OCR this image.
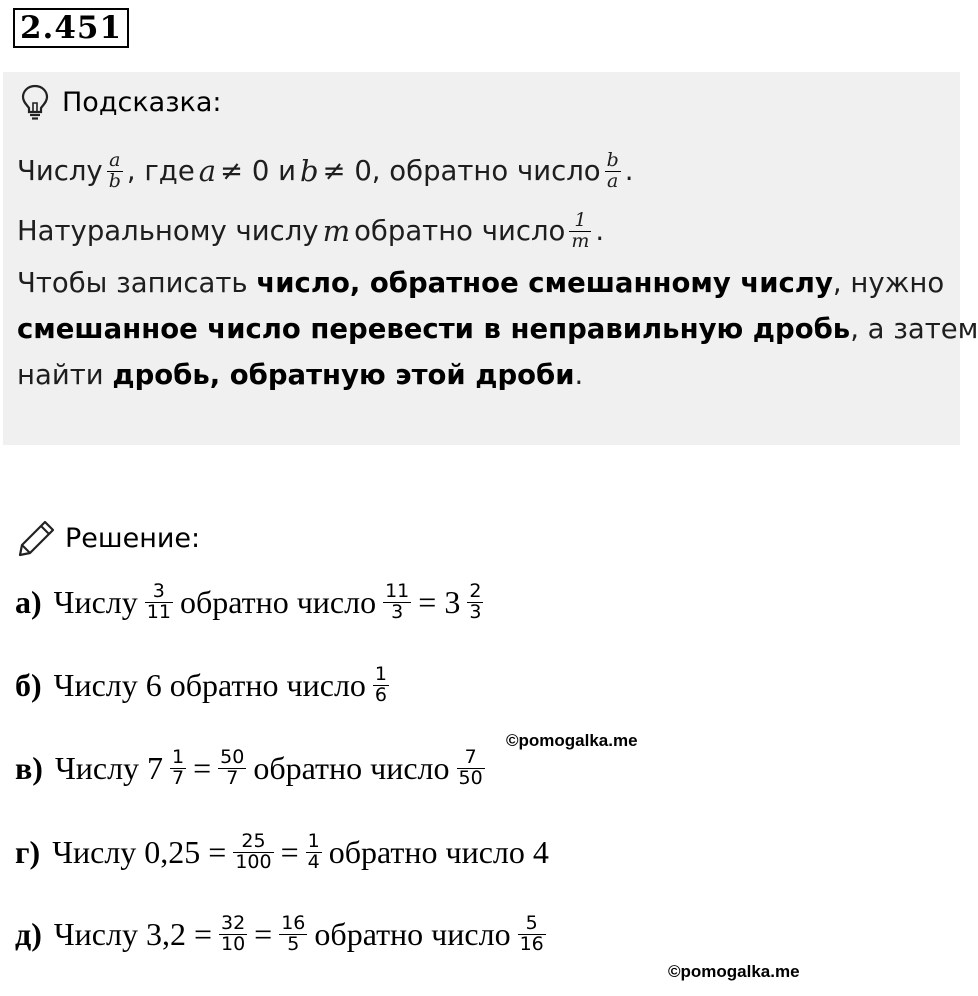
2.451
Подсказка:
Числу $\frac{a}{b}$ , где a ≠ 0 и b ≠ 0, обратно число $\frac{b}{a}$ .
Натуральному числу m обратно число $\frac{1}{m}$ .
Чтобы записать
число, обратное смешанному числу , нужно
смешанное число перевести в неправильную дробь , а затем
найти
дробь, обратную этой дроби .
Решение:
а) Числу $\frac{3}{11}$ обратно число $\frac{11}{3} = 3 \frac{2}{3}$
б) Числу 6 обратно число $\frac{1}{6}$
©pomogalka.me
в) Числу $7 \frac{1}{7} = \frac{50}{7}$ обратно число $\frac{7}{50}$
г) Числу $0,25 = \frac{25}{100} = \frac{1}{4}$ обратно число 4
д) Числу $3,2 = \frac{32}{10} = \frac{16}{5}$ обратно число $\frac{5}{16}$
©pomogalka.me
